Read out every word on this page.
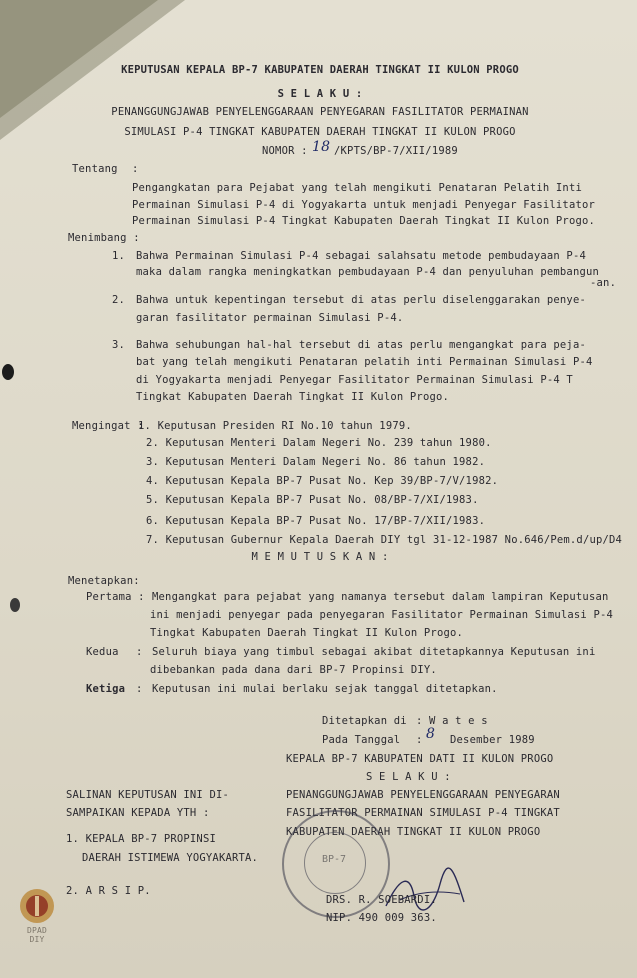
KEPUTUSAN KEPALA BP-7 KABUPATEN DAERAH TINGKAT II KULON PROGO
S E L A K U :
PENANGGUNGJAWAB PENYELENGGARAAN PENYEGARAN FASILITATOR PERMAINAN
SIMULASI P-4 TINGKAT KABUPATEN DAERAH TINGKAT II KULON PROGO
NOMOR : 18 /KPTS/BP-7/XII/1989
Tentang :
Pengangkatan para Pejabat yang telah mengikuti Penataran Pelatih Inti
Permainan Simulasi P-4 di Yogyakarta untuk menjadi Penyegar Fasilitator
Permainan Simulasi P-4 Tingkat Kabupaten Daerah Tingkat II Kulon Progo.
Menimbang :
1. Bahwa Permainan Simulasi P-4 sebagai salahsatu metode pembudayaan P-4
maka dalam rangka meningkatkan pembudayaan P-4 dan penyuluhan pembangun
-an.
2. Bahwa untuk kepentingan tersebut di atas perlu diselenggarakan penye-
garan fasilitator permainan Simulasi P-4.
3. Bahwa sehubungan hal-hal tersebut di atas perlu mengangkat para peja-
bat yang telah mengikuti Penataran pelatih inti Permainan Simulasi P-4
di Yogyakarta menjadi Penyegar Fasilitator Permainan Simulasi P-4 T
Tingkat Kabupaten Daerah Tingkat II Kulon Progo.
Mengingat :
1. Keputusan Presiden RI No.10 tahun 1979.
2. Keputusan Menteri Dalam Negeri No. 239 tahun 1980.
3. Keputusan Menteri Dalam Negeri No. 86 tahun 1982.
4. Keputusan Kepala BP-7 Pusat No. Kep 39/BP-7/V/1982.
5. Keputusan Kepala BP-7 Pusat No. 08/BP-7/XI/1983.
6. Keputusan Kepala BP-7 Pusat No. 17/BP-7/XII/1983.
7. Keputusan Gubernur Kepala Daerah DIY tgl 31-12-1987 No.646/Pem.d/up/D4
M E M U T U S K A N :
Menetapkan:
Pertama : Mengangkat para pejabat yang namanya tersebut dalam lampiran Keputusan
ini menjadi penyegar pada penyegaran Fasilitator Permainan Simulasi P-4
Tingkat Kabupaten Daerah Tingkat II Kulon Progo.
Kedua : Seluruh biaya yang timbul sebagai akibat ditetapkannya Keputusan ini
dibebankan pada dana dari BP-7 Propinsi DIY.
Ketiga : Keputusan ini mulai berlaku sejak tanggal ditetapkan.
Ditetapkan di : W a t e s
Pada Tanggal : 8 Desember 1989
KEPALA BP-7 KABUPATEN DATI II KULON PROGO
S E L A K U :
PENANGGUNGJAWAB PENYELENGGARAAN PENYEGARAN
FASILITATOR PERMAINAN SIMULASI P-4 TINGKAT
KABUPATEN DAERAH TINGKAT II KULON PROGO
BP-7
DRS. R. SOEBARDI.
NIP. 490 009 363.
SALINAN KEPUTUSAN INI DI-
SAMPAIKAN KEPADA YTH :
1. KEPALA BP-7 PROPINSI
DAERAH ISTIMEWA YOGYAKARTA.
2. A R S I P.
DPAD
DIY
